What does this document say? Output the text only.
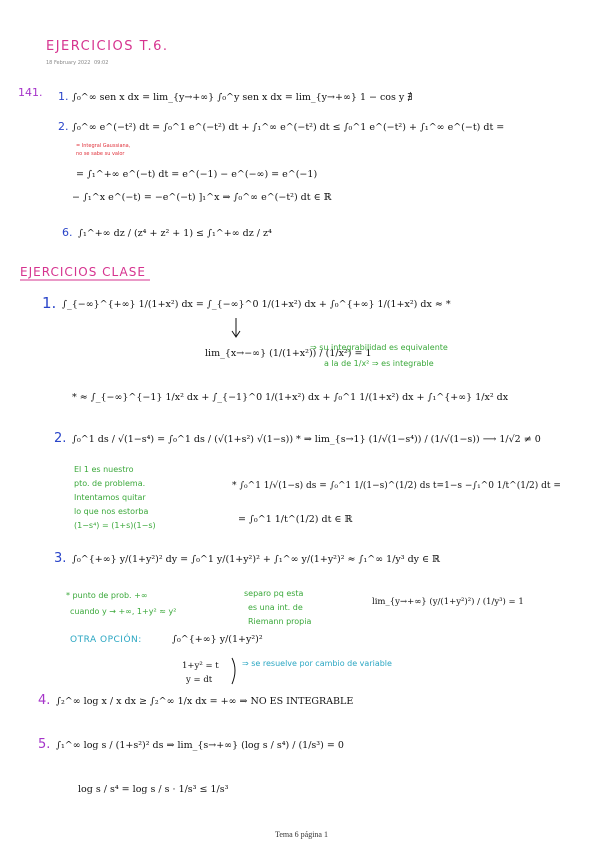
EJERCICIOS T.6.
18 February 2022 09:02
141. 1. ∫₀^∞ sen x dx = lim_{y→+∞} ∫₀^y sen x dx = lim_{y→+∞} 1 − cos y ∄
2. ∫₀^∞ e^(−t²) dt = ∫₀^1 e^(−t²) dt + ∫₁^∞ e^(−t²) dt ≤ ∫₀^1 e^(−t²) + ∫₁^∞ e^(−t) dt =
= Integral Gaussiana,
no se sabe su valor
= ∫₁^+∞ e^(−t) dt = e^(−1) − e^(−∞) = e^(−1)
− ∫₁^x e^(−t) = −e^(−t) ]₁^x ⇒ ∫₀^∞ e^(−t²) dt ∈ ℝ
6. ∫₁^+∞ dz / (z⁴ + z² + 1) ≤ ∫₁^+∞ dz / z⁴
EJERCICIOS CLASE
1. ∫_{−∞}^{+∞} 1/(1+x²) dx = ∫_{−∞}^0 1/(1+x²) dx + ∫₀^{+∞} 1/(1+x²) dx ≈ *
lim_{x→−∞} (1/(1+x²)) / (1/x²) = 1
⇒ su integrabilidad es equivalente
a la de 1/x² ⇒ es integrable
* ≈ ∫_{−∞}^{−1} 1/x² dx + ∫_{−1}^0 1/(1+x²) dx + ∫₀^1 1/(1+x²) dx + ∫₁^{+∞} 1/x² dx
2. ∫₀^1 ds / √(1−s⁴) = ∫₀^1 ds / (√(1+s²) √(1−s)) * ⇒ lim_{s→1} (1/√(1−s⁴)) / (1/√(1−s)) ⟶ 1/√2 ≠ 0
El 1 es nuestro
pto. de problema.
Intentamos quitar
lo que nos estorba
(1−s⁴) = (1+s)(1−s)
* ∫₀^1 1/√(1−s) ds = ∫₀^1 1/(1−s)^(1/2) ds t=1−s −∫₁^0 1/t^(1/2) dt =
= ∫₀^1 1/t^(1/2) dt ∈ ℝ
3. ∫₀^{+∞} y/(1+y²)² dy = ∫₀^1 y/(1+y²)² + ∫₁^∞ y/(1+y²)² ≈ ∫₁^∞ 1/y³ dy ∈ ℝ
* punto de prob. +∞
cuando y → +∞, 1+y² ≈ y²
separo pq esta
es una int. de
Riemann propia
lim_{y→+∞} (y/(1+y²)²) / (1/y³) = 1
OTRA OPCIÓN:	∫₀^{+∞} y/(1+y²)²
1+y² = t
y = dt
⇒ se resuelve por cambio de variable
4. ∫₂^∞ log x / x dx ≥ ∫₂^∞ 1/x dx = +∞ ⇒ NO ES INTEGRABLE
5. ∫₁^∞ log s / (1+s²)² ds ⇒ lim_{s→+∞} (log s / s⁴) / (1/s³) = 0
log s / s⁴ = log s / s · 1/s³ ≤ 1/s³
Tema 6 página 1
